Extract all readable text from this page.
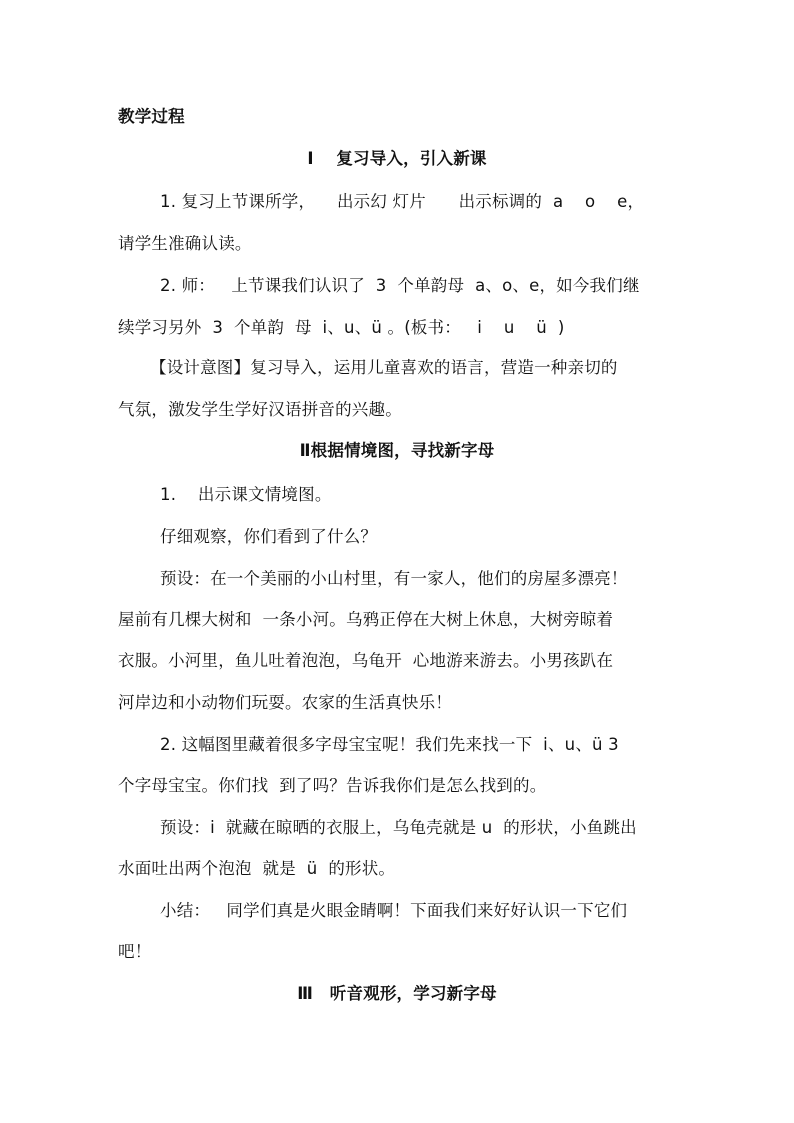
教学过程
Ⅰ　 复习导入，引入新课
1. 复习上节课所学，    出示幻 灯片      出示标调的  a    o    e，
请学生准确认读。
2. 师：   上节课我们认识了  3  个单韵母  a、o、e，如今我们继
续学习另外  3  个单韵  母  i、u、ü 。(板书：   i    u    ü  )
【设计意图】复习导入，运用儿童喜欢的语言，营造一种亲切的
气氛，激发学生学好汉语拼音的兴趣。
Ⅱ根据情境图，寻找新字母
1.    出示课文情境图。
仔细观察，你们看到了什么？
预设：在一个美丽的小山村里，有一家人，他们的房屋多漂亮！
屋前有几棵大树和  一条小河。乌鸦正停在大树上休息，大树旁晾着
衣服。小河里，鱼儿吐着泡泡，乌龟开  心地游来游去。小男孩趴在
河岸边和小动物们玩耍。农家的生活真快乐！
2. 这幅图里藏着很多字母宝宝呢！我们先来找一下  i、u、ü 3
个字母宝宝。你们找  到了吗？告诉我你们是怎么找到的。
预设：i  就藏在晾晒的衣服上，乌龟壳就是 u  的形状，小鱼跳出
水面吐出两个泡泡  就是  ü  的形状。
小结：   同学们真是火眼金睛啊！下面我们来好好认识一下它们
吧！
Ⅲ　听音观形，学习新字母
